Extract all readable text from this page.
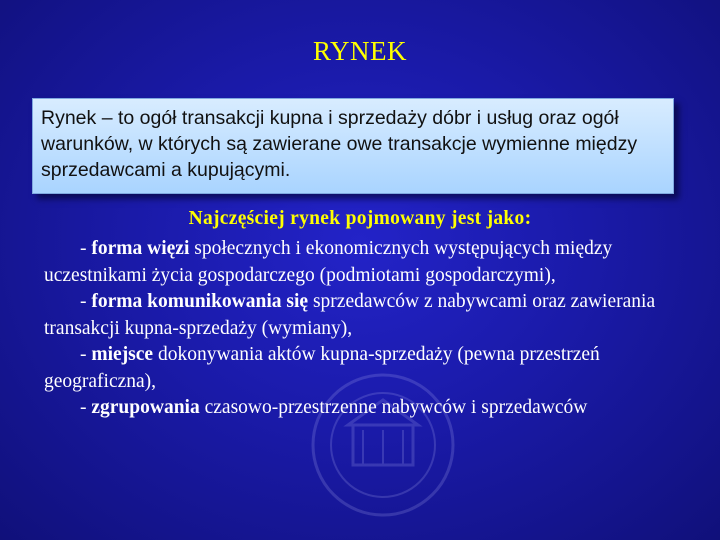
RYNEK

Rynek – to ogół transakcji kupna i sprzedaży dóbr i usług oraz ogół warunków, w których są zawierane owe transakcje wymienne między sprzedawcami a kupującymi.

Najczęściej rynek pojmowany jest jako:

- forma więzi społecznych i ekonomicznych występujących między uczestnikami życia gospodarczego (podmiotami gospodarczymi),

- forma komunikowania się sprzedawców z nabywcami oraz zawierania transakcji kupna-sprzedaży (wymiany),

- miejsce dokonywania aktów kupna-sprzedaży (pewna przestrzeń geograficzna),

- zgrupowania czasowo-przestrzenne nabywców i sprzedawców
